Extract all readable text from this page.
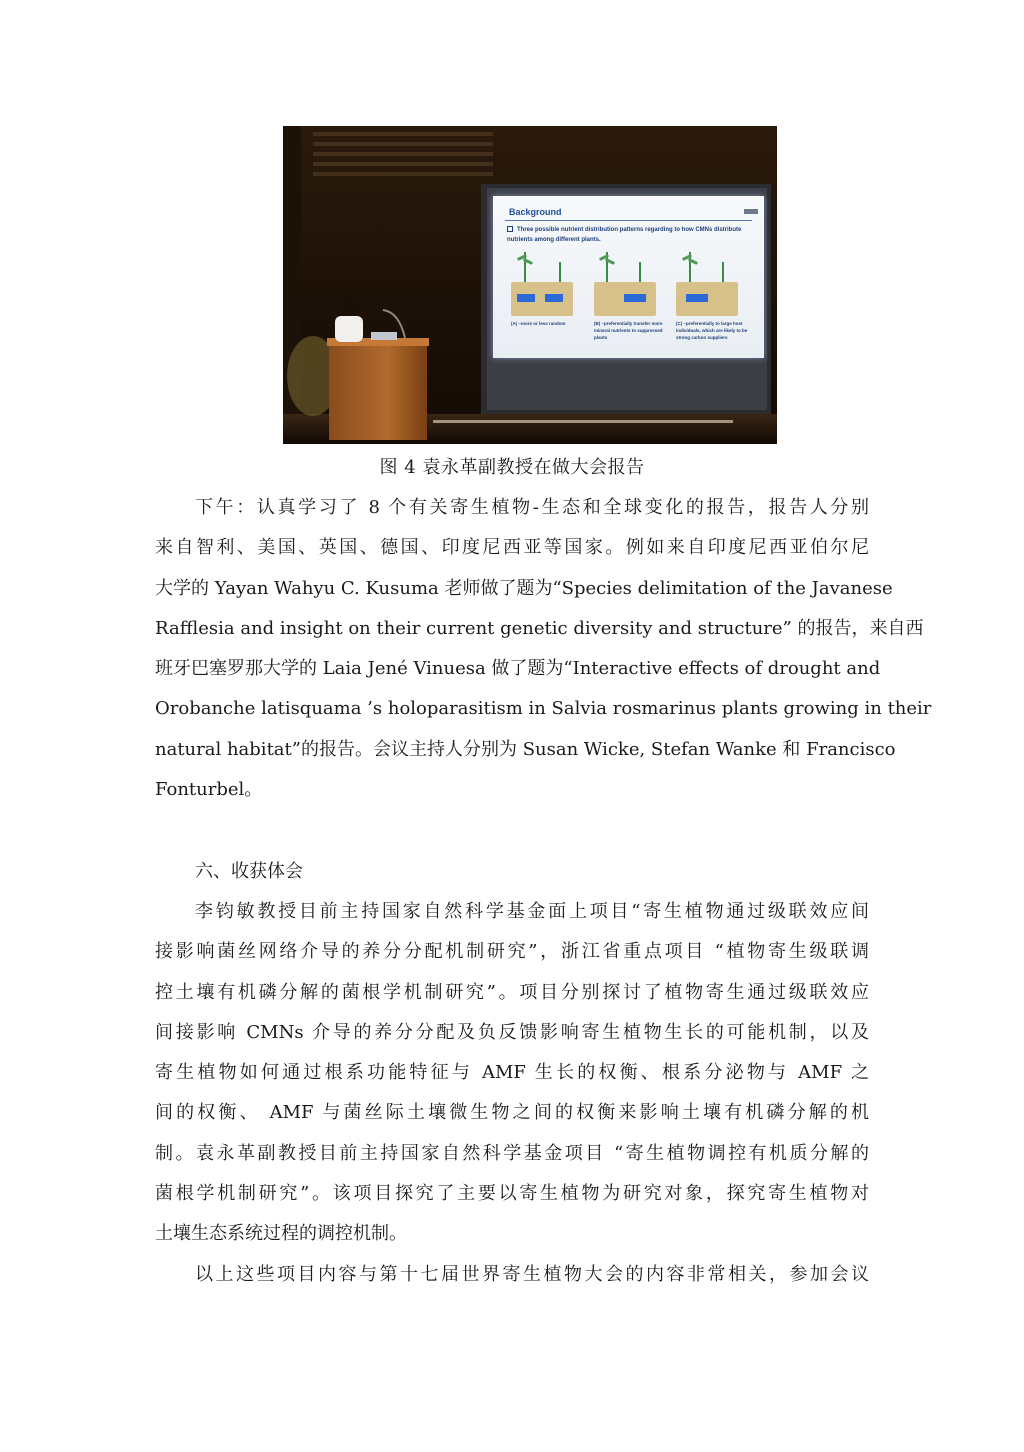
Background
Three possible nutrient distribution patterns regarding to how CMNs distribute nutrients among different plants.
(A) –more or less random	(B) –preferentially transfer more mineral nutrients to suppressed plants
(C) –preferentially to large host individuals, which are likely to be strong carbon suppliers
图 4 袁永革副教授在做大会报告
下午：认真学习了 8 个有关寄生植物-生态和全球变化的报告，报告人分别
来自智利、美国、英国、德国、印度尼西亚等国家。例如来自印度尼西亚伯尔尼
大学的 Yayan Wahyu C. Kusuma 老师做了题为“Species delimitation of the Javanese
Rafflesia and insight on their current genetic diversity and structure” 的报告，来自西
班牙巴塞罗那大学的 Laia Jené Vinuesa 做了题为“Interactive effects of drought and
Orobanche latisquama ’s holoparasitism in Salvia rosmarinus plants growing in their
natural habitat”的报告。会议主持人分别为 Susan Wicke, Stefan Wanke 和 Francisco
Fonturbel。
六、收获体会
李钧敏教授目前主持国家自然科学基金面上项目“寄生植物通过级联效应间
接影响菌丝网络介导的养分分配机制研究”，浙江省重点项目 “植物寄生级联调
控土壤有机磷分解的菌根学机制研究”。项目分别探讨了植物寄生通过级联效应
间接影响 CMNs 介导的养分分配及负反馈影响寄生植物生长的可能机制，以及
寄生植物如何通过根系功能特征与 AMF 生长的权衡、根系分泌物与 AMF 之
间的权衡、 AMF 与菌丝际土壤微生物之间的权衡来影响土壤有机磷分解的机
制。袁永革副教授目前主持国家自然科学基金项目 “寄生植物调控有机质分解的
菌根学机制研究”。该项目探究了主要以寄生植物为研究对象，探究寄生植物对
土壤生态系统过程的调控机制。
以上这些项目内容与第十七届世界寄生植物大会的内容非常相关，参加会议
